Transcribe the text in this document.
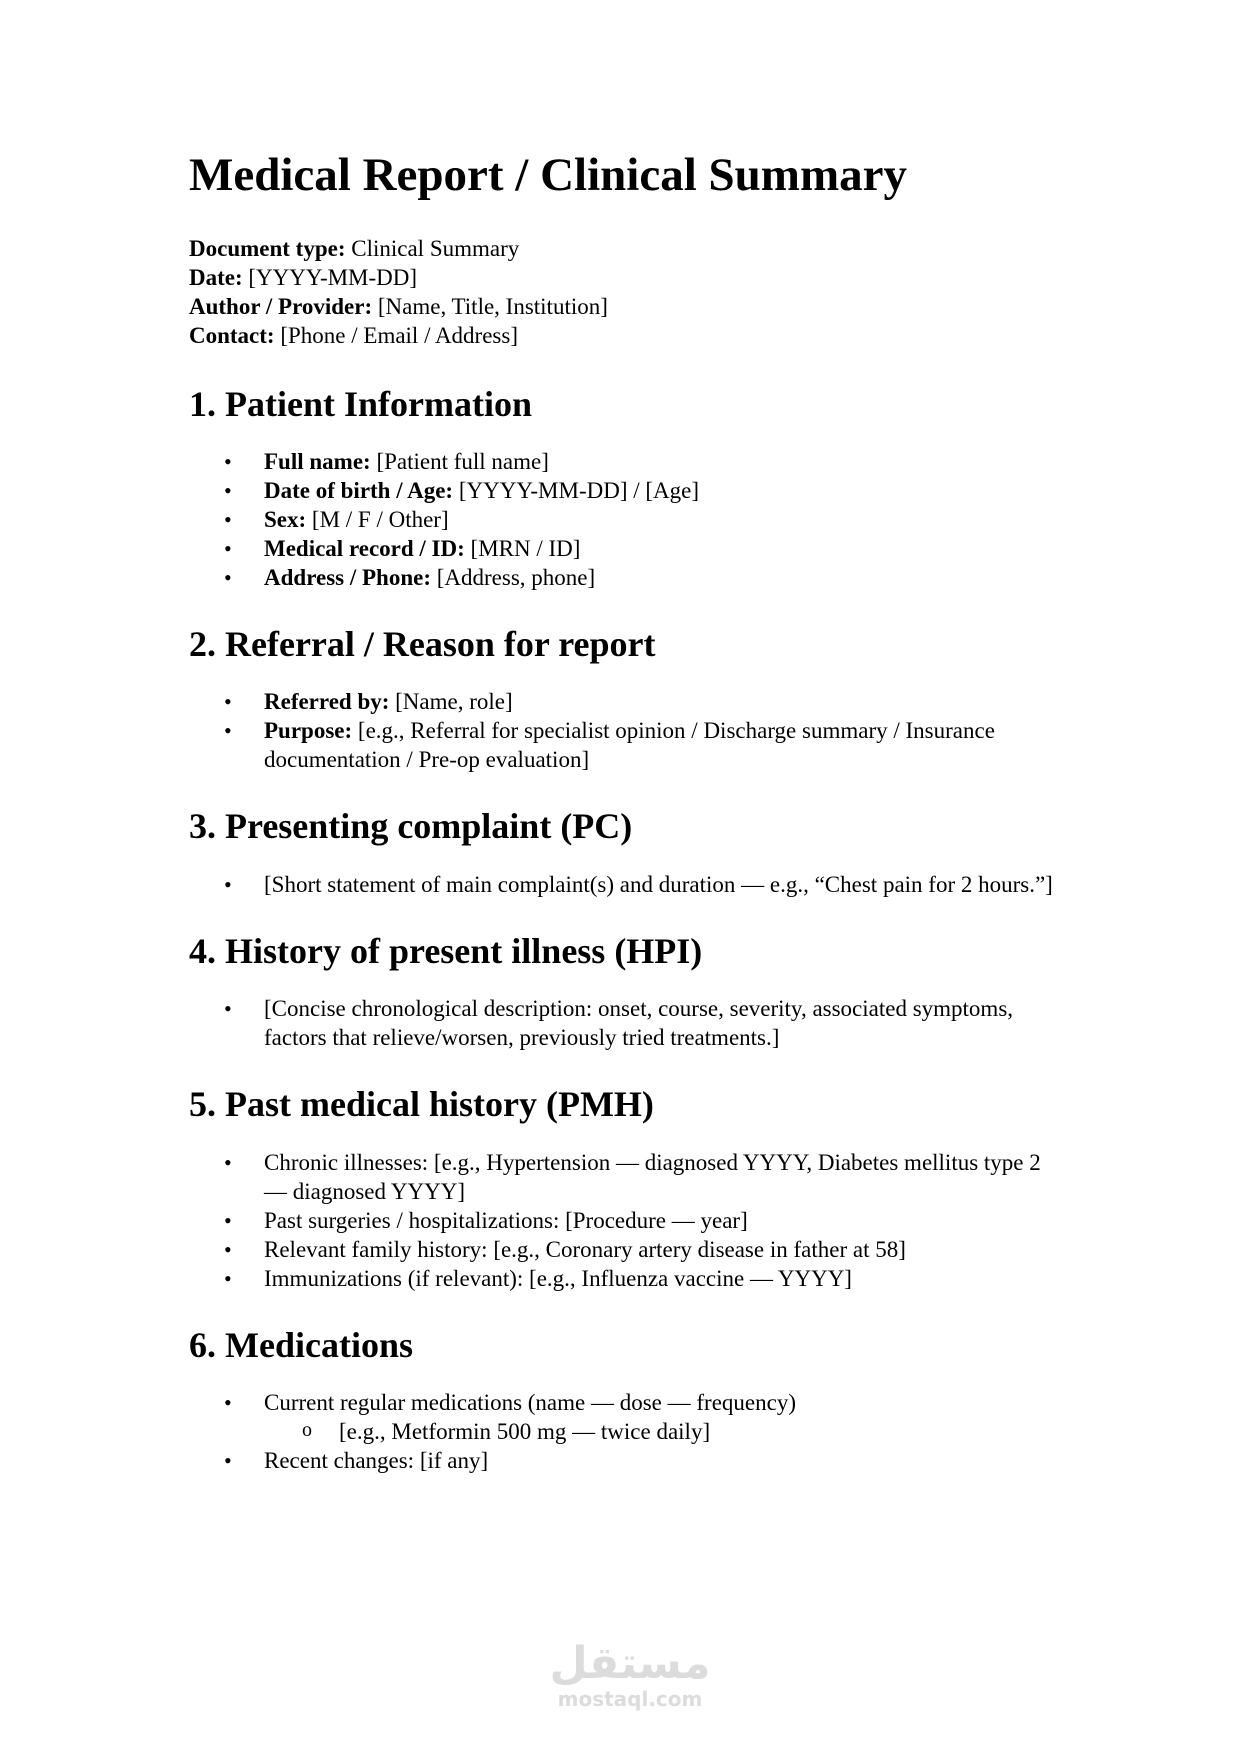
Medical Report / Clinical Summary
Document type: Clinical Summary
Date: [YYYY-MM-DD]
Author / Provider: [Name, Title, Institution]
Contact: [Phone / Email / Address]
1. Patient Information
• Full name: [Patient full name]
• Date of birth / Age: [YYYY-MM-DD] / [Age]
• Sex: [M / F / Other]
• Medical record / ID: [MRN / ID]
• Address / Phone: [Address, phone]
2. Referral / Reason for report
• Referred by: [Name, role]
• Purpose: [e.g., Referral for specialist opinion / Discharge summary / Insurance documentation / Pre-op evaluation]
3. Presenting complaint (PC)
• [Short statement of main complaint(s) and duration — e.g., “Chest pain for 2 hours.”]
4. History of present illness (HPI)
• [Concise chronological description: onset, course, severity, associated symptoms, factors that relieve/worsen, previously tried treatments.]
5. Past medical history (PMH)
• Chronic illnesses: [e.g., Hypertension — diagnosed YYYY, Diabetes mellitus type 2 — diagnosed YYYY]
• Past surgeries / hospitalizations: [Procedure — year]
• Relevant family history: [e.g., Coronary artery disease in father at 58]
• Immunizations (if relevant): [e.g., Influenza vaccine — YYYY]
6. Medications
• Current regular medications (name — dose — frequency)
o [e.g., Metformin 500 mg — twice daily]
• Recent changes: [if any]
مستقل
mostaql.com
